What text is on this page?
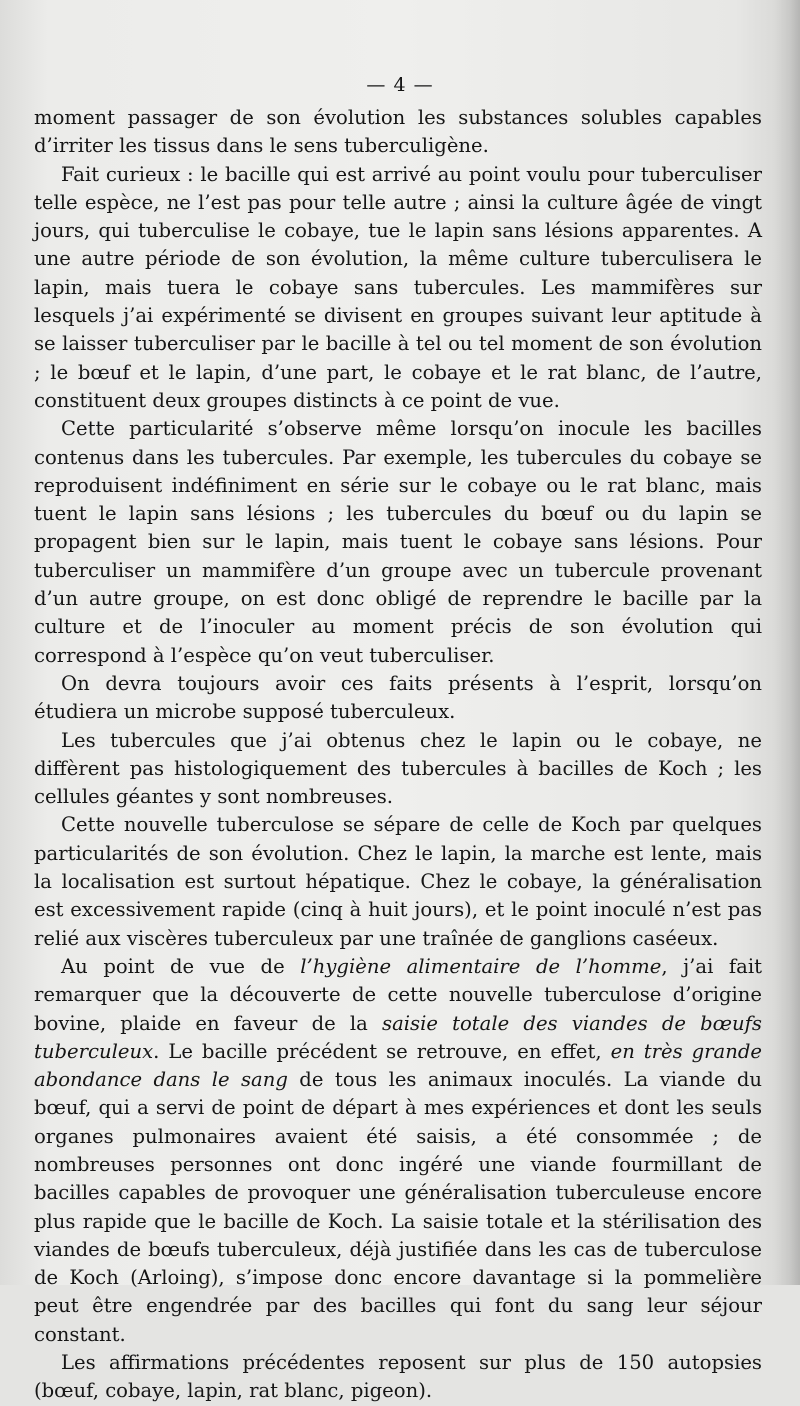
— 4 —

moment passager de son évolution les substances solubles capables d’irriter les tissus dans le sens tuberculigène.

Fait curieux : le bacille qui est arrivé au point voulu pour tuberculiser telle espèce, ne l’est pas pour telle autre ; ainsi la culture âgée de vingt jours, qui tuberculise le cobaye, tue le lapin sans lésions apparentes. A une autre période de son évolution, la même culture tuberculisera le lapin, mais tuera le cobaye sans tubercules. Les mammifères sur lesquels j’ai expérimenté se divisent en groupes suivant leur aptitude à se laisser tuberculiser par le bacille à tel ou tel moment de son évolution ; le bœuf et le lapin, d’une part, le cobaye et le rat blanc, de l’autre, constituent deux groupes distincts à ce point de vue.

Cette particularité s’observe même lorsqu’on inocule les bacilles contenus dans les tubercules. Par exemple, les tubercules du cobaye se reproduisent indéfiniment en série sur le cobaye ou le rat blanc, mais tuent le lapin sans lésions ; les tubercules du bœuf ou du lapin se propagent bien sur le lapin, mais tuent le cobaye sans lésions. Pour tuberculiser un mammifère d’un groupe avec un tubercule provenant d’un autre groupe, on est donc obligé de reprendre le bacille par la culture et de l’inoculer au moment précis de son évolution qui correspond à l’espèce qu’on veut tuberculiser.

On devra toujours avoir ces faits présents à l’esprit, lorsqu’on étudiera un microbe supposé tuberculeux.

Les tubercules que j’ai obtenus chez le lapin ou le cobaye, ne diffèrent pas histologiquement des tubercules à bacilles de Koch ; les cellules géantes y sont nombreuses.

Cette nouvelle tuberculose se sépare de celle de Koch par quelques particularités de son évolution. Chez le lapin, la marche est lente, mais la localisation est surtout hépatique. Chez le cobaye, la généralisation est excessivement rapide (cinq à huit jours), et le point inoculé n’est pas relié aux viscères tuberculeux par une traînée de ganglions caséeux.

Au point de vue de l’hygiène alimentaire de l’homme, j’ai fait remarquer que la découverte de cette nouvelle tuberculose d’origine bovine, plaide en faveur de la saisie totale des viandes de bœufs tuberculeux. Le bacille précédent se retrouve, en effet, en très grande abondance dans le sang de tous les animaux inoculés. La viande du bœuf, qui a servi de point de départ à mes expériences et dont les seuls organes pulmonaires avaient été saisis, a été consommée ; de nombreuses personnes ont donc ingéré une viande fourmillant de bacilles capables de provoquer une généralisation tuberculeuse encore plus rapide que le bacille de Koch. La saisie totale et la stérilisation des viandes de bœufs tuberculeux, déjà justifiée dans les cas de tuberculose de Koch (Arloing), s’impose donc encore davantage si la pommelière peut être engendrée par des bacilles qui font du sang leur séjour constant.

Les affirmations précédentes reposent sur plus de 150 autopsies (bœuf, cobaye, lapin, rat blanc, pigeon).
